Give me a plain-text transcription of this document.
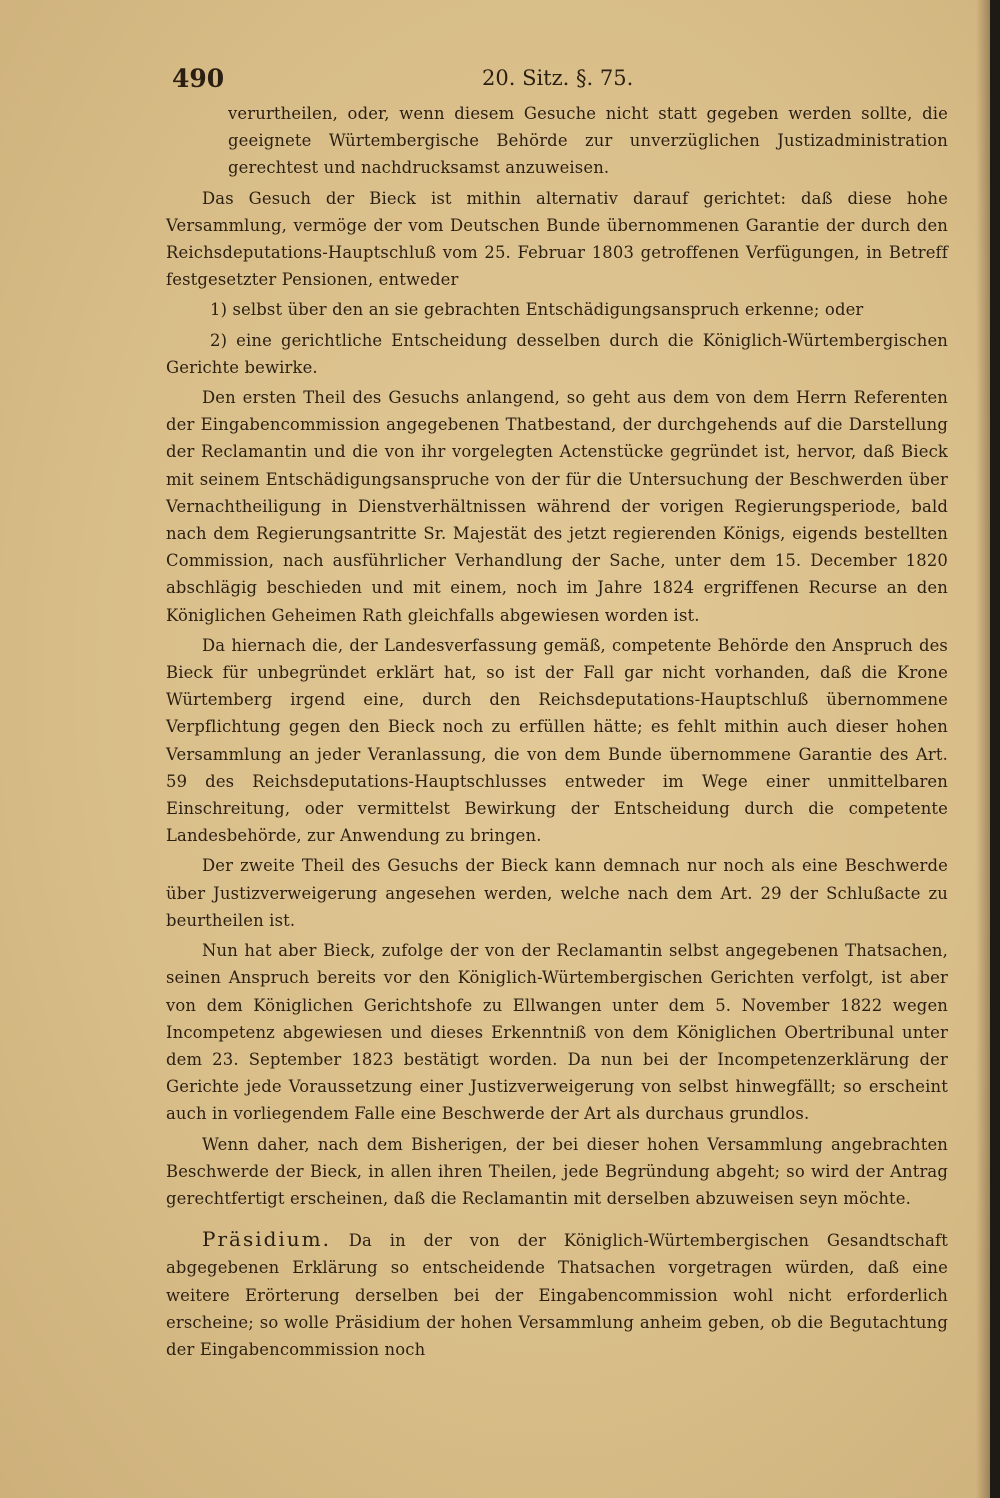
490	20. Sitz. §. 75.

verurtheilen, oder, wenn diesem Gesuche nicht statt gegeben werden sollte, die geeignete Würtembergische Behörde zur unverzüglichen Justizadministration gerechtest und nachdrucksamst anzuweisen.

Das Gesuch der Bieck ist mithin alternativ darauf gerichtet: daß diese hohe Versammlung, vermöge der vom Deutschen Bunde übernommenen Garantie der durch den Reichsdeputations-Hauptschluß vom 25. Februar 1803 getroffenen Verfügungen, in Betreff festgesetzter Pensionen, entweder

1) selbst über den an sie gebrachten Entschädigungsanspruch erkenne; oder

2) eine gerichtliche Entscheidung desselben durch die Königlich-Würtembergischen Gerichte bewirke.

Den ersten Theil des Gesuchs anlangend, so geht aus dem von dem Herrn Referenten der Eingabencommission angegebenen Thatbestand, der durchgehends auf die Darstellung der Reclamantin und die von ihr vorgelegten Actenstücke gegründet ist, hervor, daß Bieck mit seinem Entschädigungsanspruche von der für die Untersuchung der Beschwerden über Vernachtheiligung in Dienstverhältnissen während der vorigen Regierungsperiode, bald nach dem Regierungsantritte Sr. Majestät des jetzt regierenden Königs, eigends bestellten Commission, nach ausführlicher Verhandlung der Sache, unter dem 15. December 1820 abschlägig beschieden und mit einem, noch im Jahre 1824 ergriffenen Recurse an den Königlichen Geheimen Rath gleichfalls abgewiesen worden ist.

Da hiernach die, der Landesverfassung gemäß, competente Behörde den Anspruch des Bieck für unbegründet erklärt hat, so ist der Fall gar nicht vorhanden, daß die Krone Würtemberg irgend eine, durch den Reichsdeputations-Hauptschluß übernommene Verpflichtung gegen den Bieck noch zu erfüllen hätte; es fehlt mithin auch dieser hohen Versammlung an jeder Veranlassung, die von dem Bunde übernommene Garantie des Art. 59 des Reichsdeputations-Hauptschlusses entweder im Wege einer unmittelbaren Einschreitung, oder vermittelst Bewirkung der Entscheidung durch die competente Landesbehörde, zur Anwendung zu bringen.

Der zweite Theil des Gesuchs der Bieck kann demnach nur noch als eine Beschwerde über Justizverweigerung angesehen werden, welche nach dem Art. 29 der Schlußacte zu beurtheilen ist.

Nun hat aber Bieck, zufolge der von der Reclamantin selbst angegebenen Thatsachen, seinen Anspruch bereits vor den Königlich-Würtembergischen Gerichten verfolgt, ist aber von dem Königlichen Gerichtshofe zu Ellwangen unter dem 5. November 1822 wegen Incompetenz abgewiesen und dieses Erkenntniß von dem Königlichen Obertribunal unter dem 23. September 1823 bestätigt worden. Da nun bei der Incompetenzerklärung der Gerichte jede Voraussetzung einer Justizverweigerung von selbst hinwegfällt; so erscheint auch in vorliegendem Falle eine Beschwerde der Art als durchaus grundlos.

Wenn daher, nach dem Bisherigen, der bei dieser hohen Versammlung angebrachten Beschwerde der Bieck, in allen ihren Theilen, jede Begründung abgeht; so wird der Antrag gerechtfertigt erscheinen, daß die Reclamantin mit derselben abzuweisen seyn möchte.

Präsidium. Da in der von der Königlich-Würtembergischen Gesandtschaft abgegebenen Erklärung so entscheidende Thatsachen vorgetragen würden, daß eine weitere Erörterung derselben bei der Eingabencommission wohl nicht erforderlich erscheine; so wolle Präsidium der hohen Versammlung anheim geben, ob die Begutachtung der Eingabencommission noch
